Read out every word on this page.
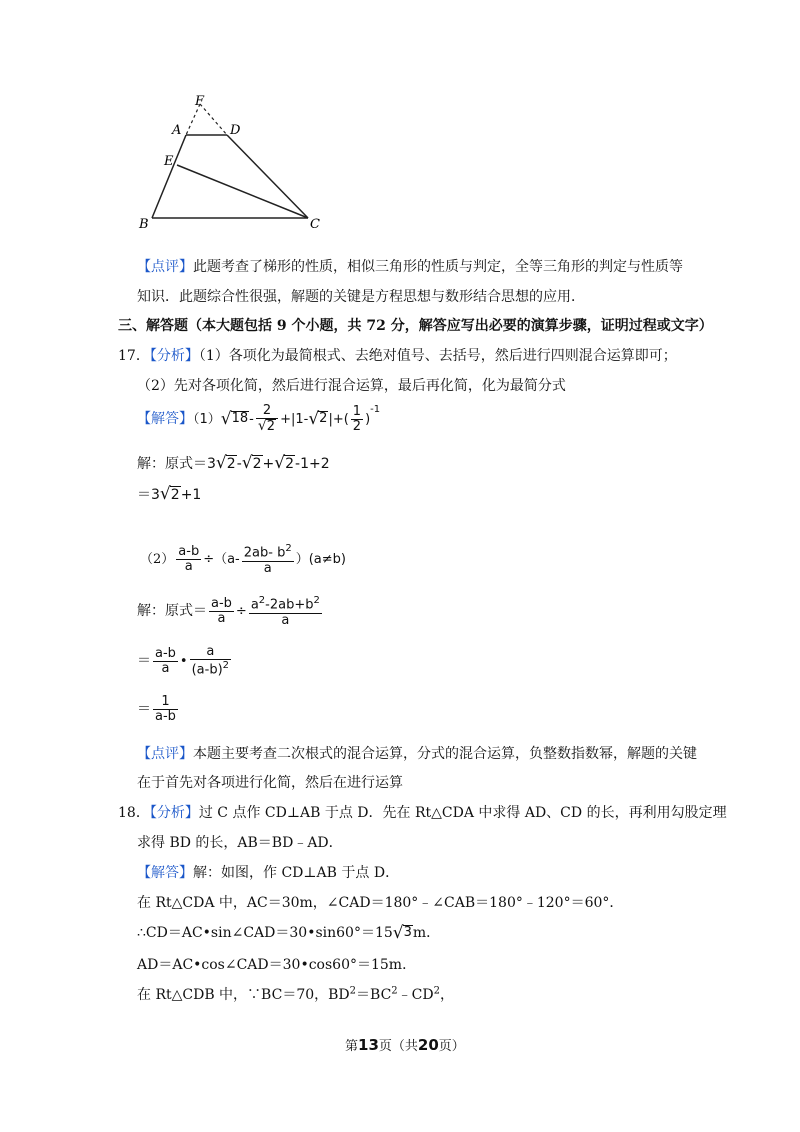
F
A	D
E
B	C
【点评】此题考查了梯形的性质，相似三角形的性质与判定，全等三角形的判定与性质等
知识．此题综合性很强，解题的关键是方程思想与数形结合思想的应用．
三、解答题（本大题包括 9 个小题，共 72 分，解答应写出必要的演算步骤，证明过程或文字）
17．【分析】（1）各项化为最简根式、去绝对值号、去括号，然后进行四则混合运算即可；
（2）先对各项化简，然后进行混合运算，最后再化简，化为最简分式
【解答】（1） √ $18 - \frac{2}{√ 2} +|1-$ √ 2 |+( $\frac{1}{2} )^{-1}$
解：原式＝3 √ 2 - √ 2 + √ 2 -1+2
＝3 √ 2 +1
$(2) \frac{a-b}{a} \div(a- \frac{2ab- b^2}{a} )(a\ne b)$
解：原式＝ $\frac{a-b}{a} \div \frac{a^2-2ab+b^2}{a}$
＝ $\frac{a-b}{a}$ • $\frac{a}{(a-b)^2}$
＝ $\frac{1}{a-b}$
【点评】本题主要考查二次根式的混合运算，分式的混合运算，负整数指数幂，解题的关键
在于首先对各项进行化简，然后在进行运算
18．【分析】过 C 点作 CD⊥AB 于点 D．先在 Rt△CDA 中求得 AD、CD 的长，再利用勾股定理
求得 BD 的长，AB＝BD﹣AD．
【解答】解：如图，作 CD⊥AB 于点 D．
在 Rt△CDA 中，AC＝30m，∠CAD＝180°﹣∠CAB＝180°﹣120°＝60°．
∴CD＝AC•sin∠CAD＝30•sin60°＝15 √ 3 m．
AD＝AC•cos∠CAD＝30•cos60°＝15m．
在 Rt△CDB 中，∵BC＝70，$BD^2=BC^2﹣CD^2$，
第13页（共20页）
